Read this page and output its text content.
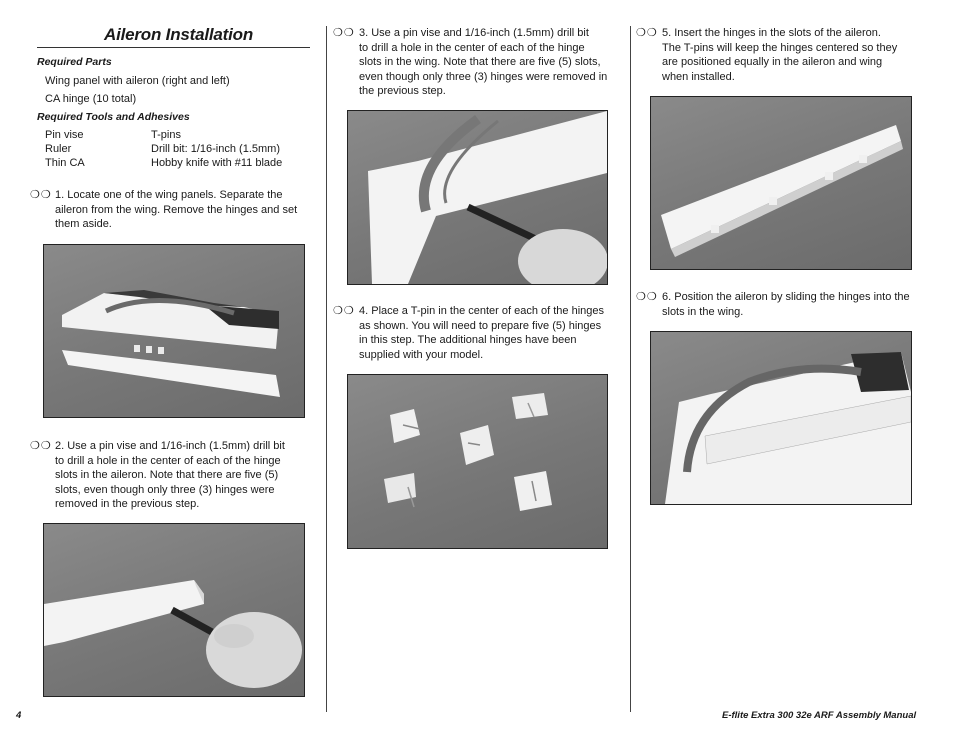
Aileron Installation
Required Parts
Wing panel with aileron (right and left)
CA hinge (10 total)
Required Tools and Adhesives
Pin vise	T-pins
Ruler	Drill bit: 1/16-inch (1.5mm)
Thin CA	Hobby knife with #11 blade
❍❍ 1. Locate one of the wing panels. Separate the
aileron from the wing. Remove the hinges and set
them aside.
❍❍ 2. Use a pin vise and 1/16-inch (1.5mm) drill bit
to drill a hole in the center of each of the hinge
slots in the aileron. Note that there are five (5)
slots, even though only three (3) hinges were
removed in the previous step.
❍❍ 3. Use a pin vise and 1/16-inch (1.5mm) drill bit
to drill a hole in the center of each of the hinge
slots in the wing. Note that there are five (5) slots,
even though only three (3) hinges were removed in
the previous step.
❍❍ 4. Place a T-pin in the center of each of the hinges
as shown. You will need to prepare five (5) hinges
in this step. The additional hinges have been
supplied with your model.
❍❍ 5. Insert the hinges in the slots of the aileron.
The T-pins will keep the hinges centered so they
are positioned equally in the aileron and wing
when installed.
❍❍ 6. Position the aileron by sliding the hinges into the
slots in the wing.
4	E-flite Extra 300 32e ARF Assembly Manual
